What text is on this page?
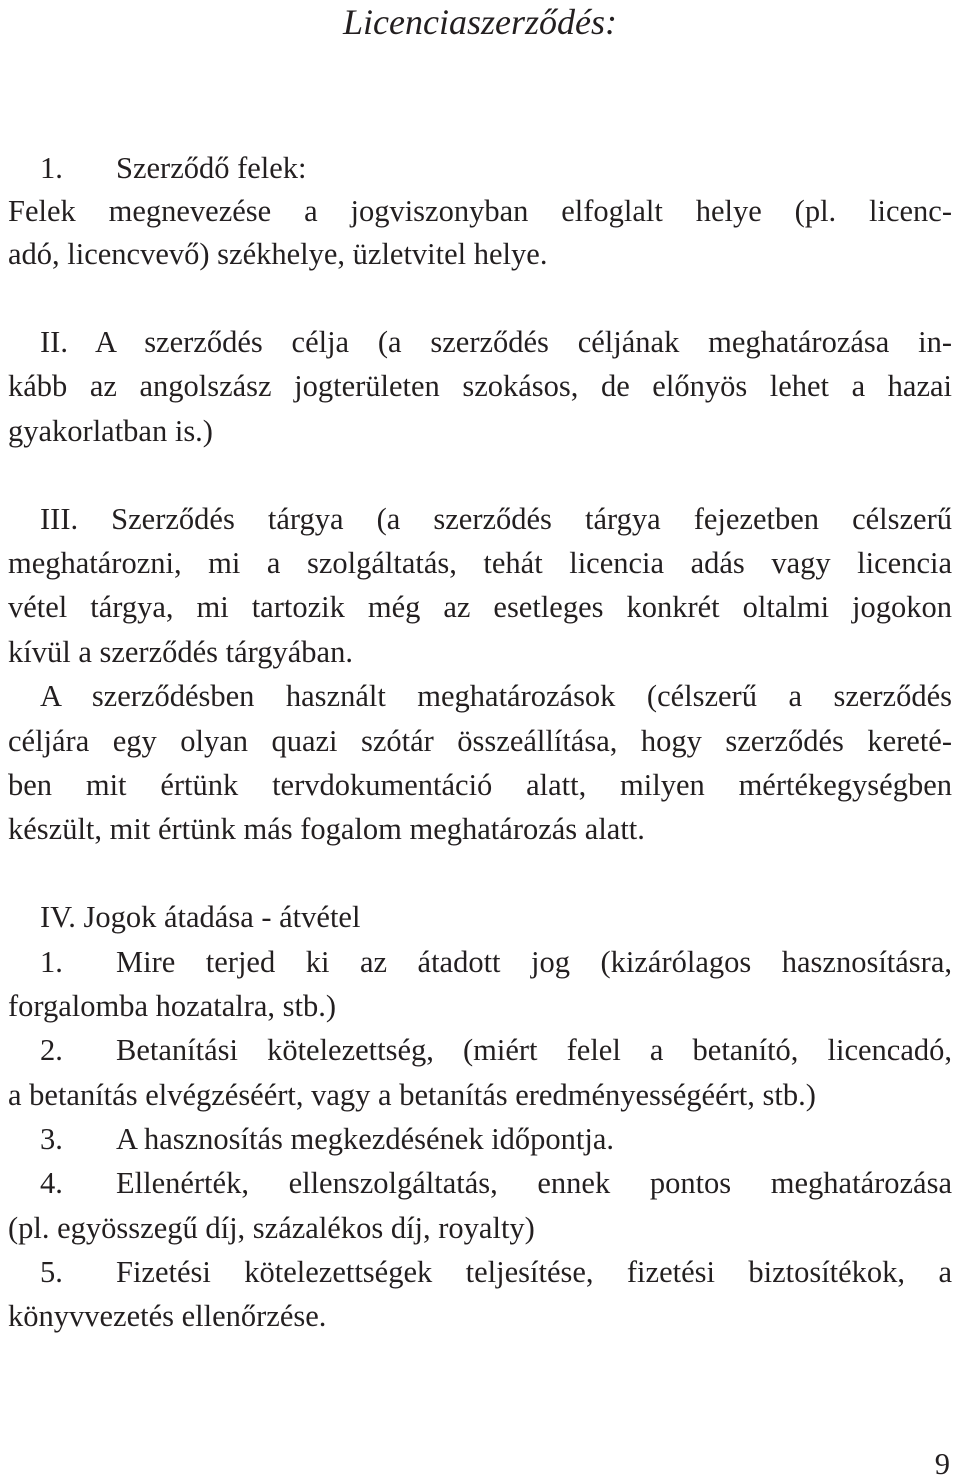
Licenciaszerződés:
1. Szerződő felek:
Felek megnevezése a jogviszonyban elfoglalt helye (pl. licenc-
adó, licencvevő) székhelye, üzletvitel helye.
II. A szerződés célja (a szerződés céljának meghatározása in-
kább az angolszász jogterületen szokásos, de előnyös lehet a hazai
gyakorlatban is.)
III. Szerződés tárgya (a szerződés tárgya fejezetben célszerű
meghatározni, mi a szolgáltatás, tehát licencia adás vagy licencia
vétel tárgya, mi tartozik még az esetleges konkrét oltalmi jogokon
kívül a szerződés tárgyában.
A szerződésben használt meghatározások (célszerű a szerződés
céljára egy olyan quazi szótár összeállítása, hogy szerződés kereté-
ben mit értünk tervdokumentáció alatt, milyen mértékegységben
készült, mit értünk más fogalom meghatározás alatt.
IV. Jogok átadása - átvétel
1. Mire terjed ki az átadott jog (kizárólagos hasznosításra,
forgalomba hozatalra, stb.)
2. Betanítási kötelezettség, (miért felel a betanító, licencadó,
a betanítás elvégzéséért, vagy a betanítás eredményességéért, stb.)
3. A hasznosítás megkezdésének időpontja.
4. Ellenérték, ellenszolgáltatás, ennek pontos meghatározása
(pl. egyösszegű díj, százalékos díj, royalty)
5. Fizetési kötelezettségek teljesítése, fizetési biztosítékok, a
könyvvezetés ellenőrzése.
9
